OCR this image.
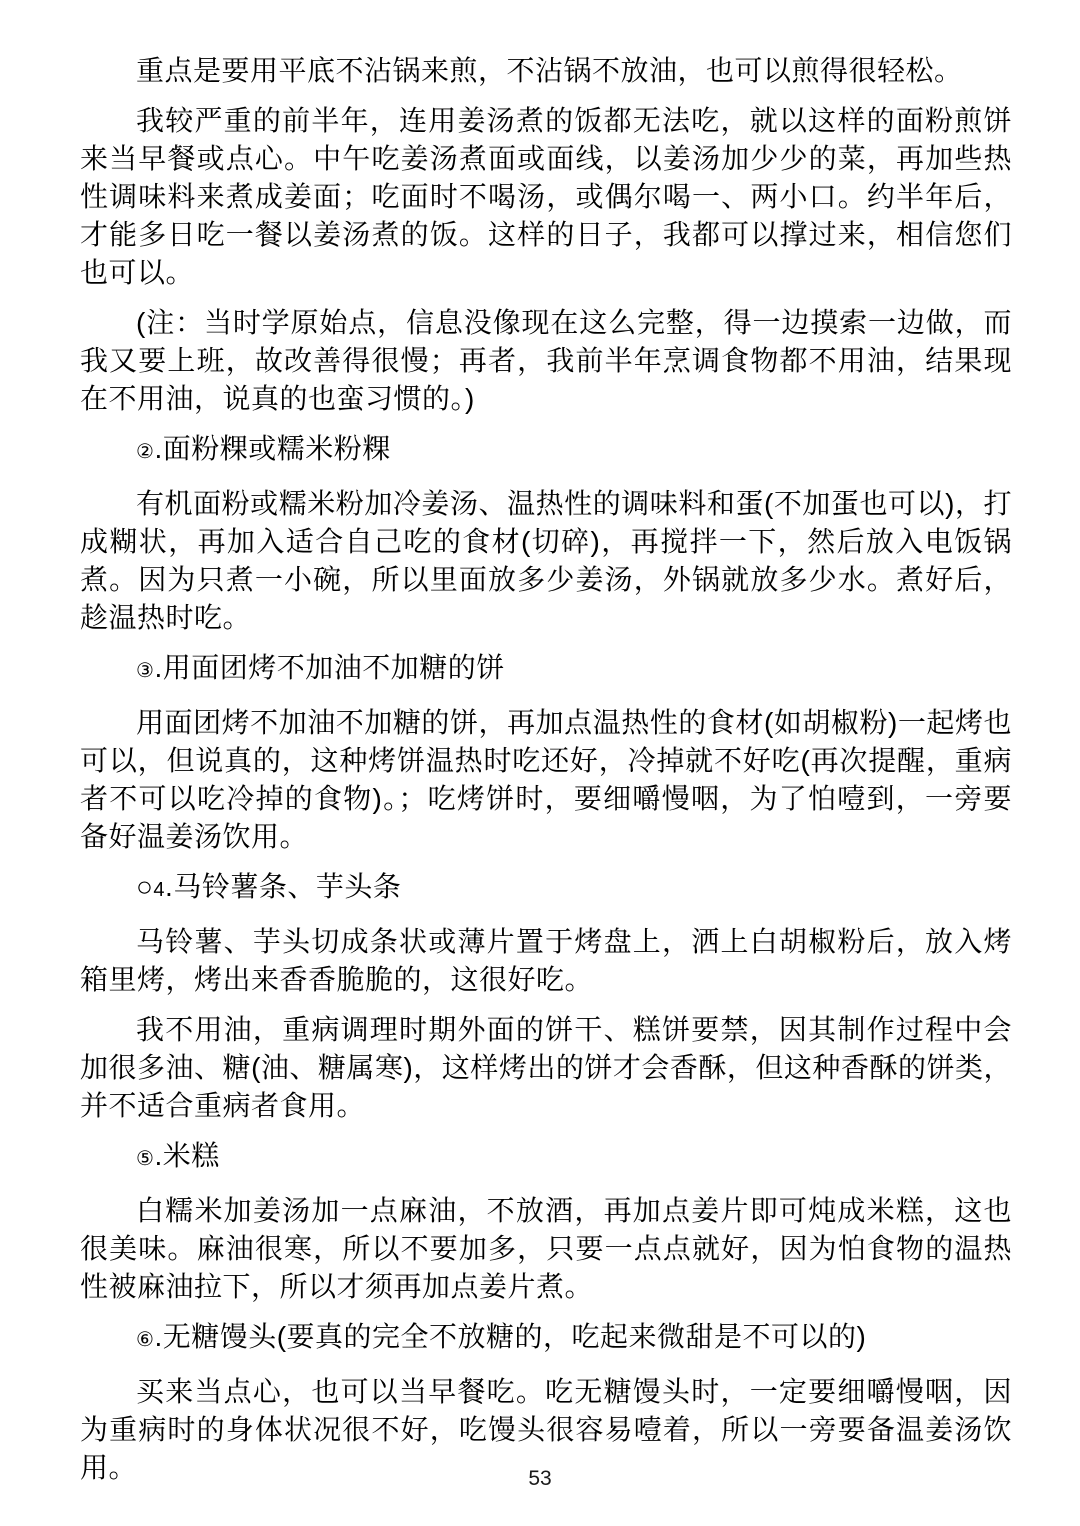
重点是要用平底不沾锅来煎，不沾锅不放油，也可以煎得很轻松。
我较严重的前半年，连用姜汤煮的饭都无法吃，就以这样的面粉煎饼来当早餐或点心。中午吃姜汤煮面或面线，以姜汤加少少的菜，再加些热性调味料来煮成姜面；吃面时不喝汤，或偶尔喝一、两小口。约半年后，才能多日吃一餐以姜汤煮的饭。这样的日子，我都可以撑过来，相信您们也可以。
(注：当时学原始点，信息没像现在这么完整，得一边摸索一边做，而我又要上班，故改善得很慢；再者，我前半年烹调食物都不用油，结果现在不用油，说真的也蛮习惯的。)
②.面粉粿或糯米粉粿
有机面粉或糯米粉加冷姜汤、温热性的调味料和蛋(不加蛋也可以)，打成糊状，再加入适合自己吃的食材(切碎)，再搅拌一下，然后放入电饭锅煮。因为只煮一小碗，所以里面放多少姜汤，外锅就放多少水。煮好后，趁温热时吃。
③.用面团烤不加油不加糖的饼
用面团烤不加油不加糖的饼，再加点温热性的食材(如胡椒粉)一起烤也可以，但说真的，这种烤饼温热时吃还好，冷掉就不好吃(再次提醒，重病者不可以吃冷掉的食物)。；吃烤饼时，要细嚼慢咽，为了怕噎到，一旁要备好温姜汤饮用。
○4.马铃薯条、芋头条
马铃薯、芋头切成条状或薄片置于烤盘上，洒上白胡椒粉后，放入烤箱里烤，烤出来香香脆脆的，这很好吃。
我不用油，重病调理时期外面的饼干、糕饼要禁，因其制作过程中会加很多油、糖(油、糖属寒)，这样烤出的饼才会香酥，但这种香酥的饼类，并不适合重病者食用。
⑤.米糕
白糯米加姜汤加一点麻油，不放酒，再加点姜片即可炖成米糕，这也很美味。麻油很寒，所以不要加多，只要一点点就好，因为怕食物的温热性被麻油拉下，所以才须再加点姜片煮。
⑥.无糖馒头(要真的完全不放糖的，吃起来微甜是不可以的)
买来当点心，也可以当早餐吃。吃无糖馒头时，一定要细嚼慢咽，因为重病时的身体状况很不好，吃馒头很容易噎着，所以一旁要备温姜汤饮用。	53
